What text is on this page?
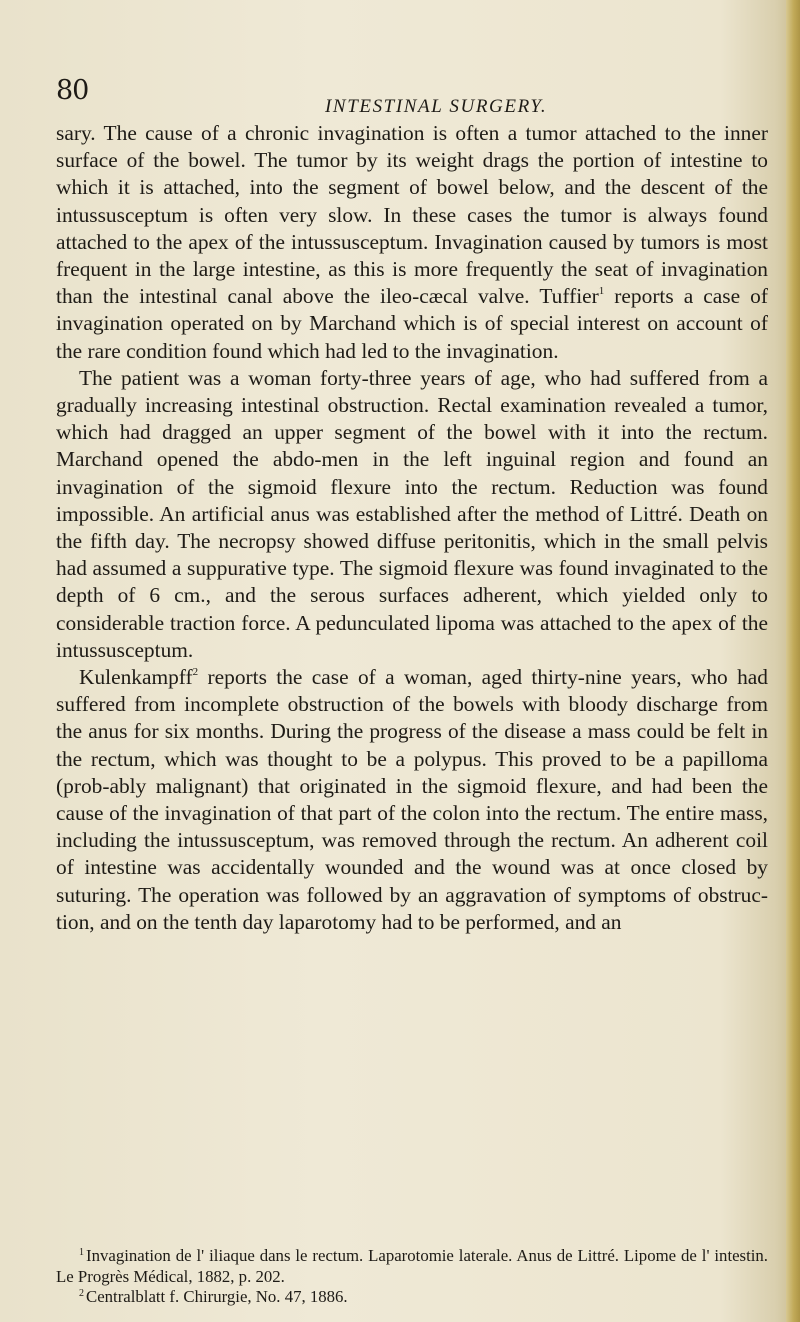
80
INTESTINAL SURGERY.

sary. The cause of a chronic invagination is often a tumor attached to the inner surface of the bowel. The tumor by its weight drags the portion of intestine to which it is attached, into the segment of bowel below, and the descent of the intussusceptum is often very slow. In these cases the tumor is always found attached to the apex of the intussusceptum. Invagination caused by tumors is most frequent in the large intestine, as this is more frequently the seat of invagination than the intestinal canal above the ileo-cæcal valve. Tuffier$^1$ reports a case of invagination operated on by Marchand which is of special interest on account of the rare condition found which had led to the invagination.

The patient was a woman forty-three years of age, who had suffered from a gradually increasing intestinal obstruction. Rectal examination revealed a tumor, which had dragged an upper segment of the bowel with it into the rectum. Marchand opened the abdo-men in the left inguinal region and found an invagination of the sigmoid flexure into the rectum. Reduction was found impossible. An artificial anus was established after the method of Littré. Death on the fifth day. The necropsy showed diffuse peritonitis, which in the small pelvis had assumed a suppurative type. The sigmoid flexure was found invaginated to the depth of 6 cm., and the serous surfaces adherent, which yielded only to considerable traction force. A pedunculated lipoma was attached to the apex of the intussusceptum.

Kulenkampff$^2$ reports the case of a woman, aged thirty-nine years, who had suffered from incomplete obstruction of the bowels with bloody discharge from the anus for six months. During the progress of the disease a mass could be felt in the rectum, which was thought to be a polypus. This proved to be a papilloma (prob-ably malignant) that originated in the sigmoid flexure, and had been the cause of the invagination of that part of the colon into the rectum. The entire mass, including the intussusceptum, was removed through the rectum. An adherent coil of intestine was accidentally wounded and the wound was at once closed by suturing. The operation was followed by an aggravation of symptoms of obstruc-tion, and on the tenth day laparotomy had to be performed, and an

$^1$ Invagination de l' iliaque dans le rectum. Laparotomie laterale. Anus de Littré. Lipome de l' intestin. Le Progrès Médical, 1882, p. 202.

$^2$ Centralblatt f. Chirurgie, No. 47, 1886.
